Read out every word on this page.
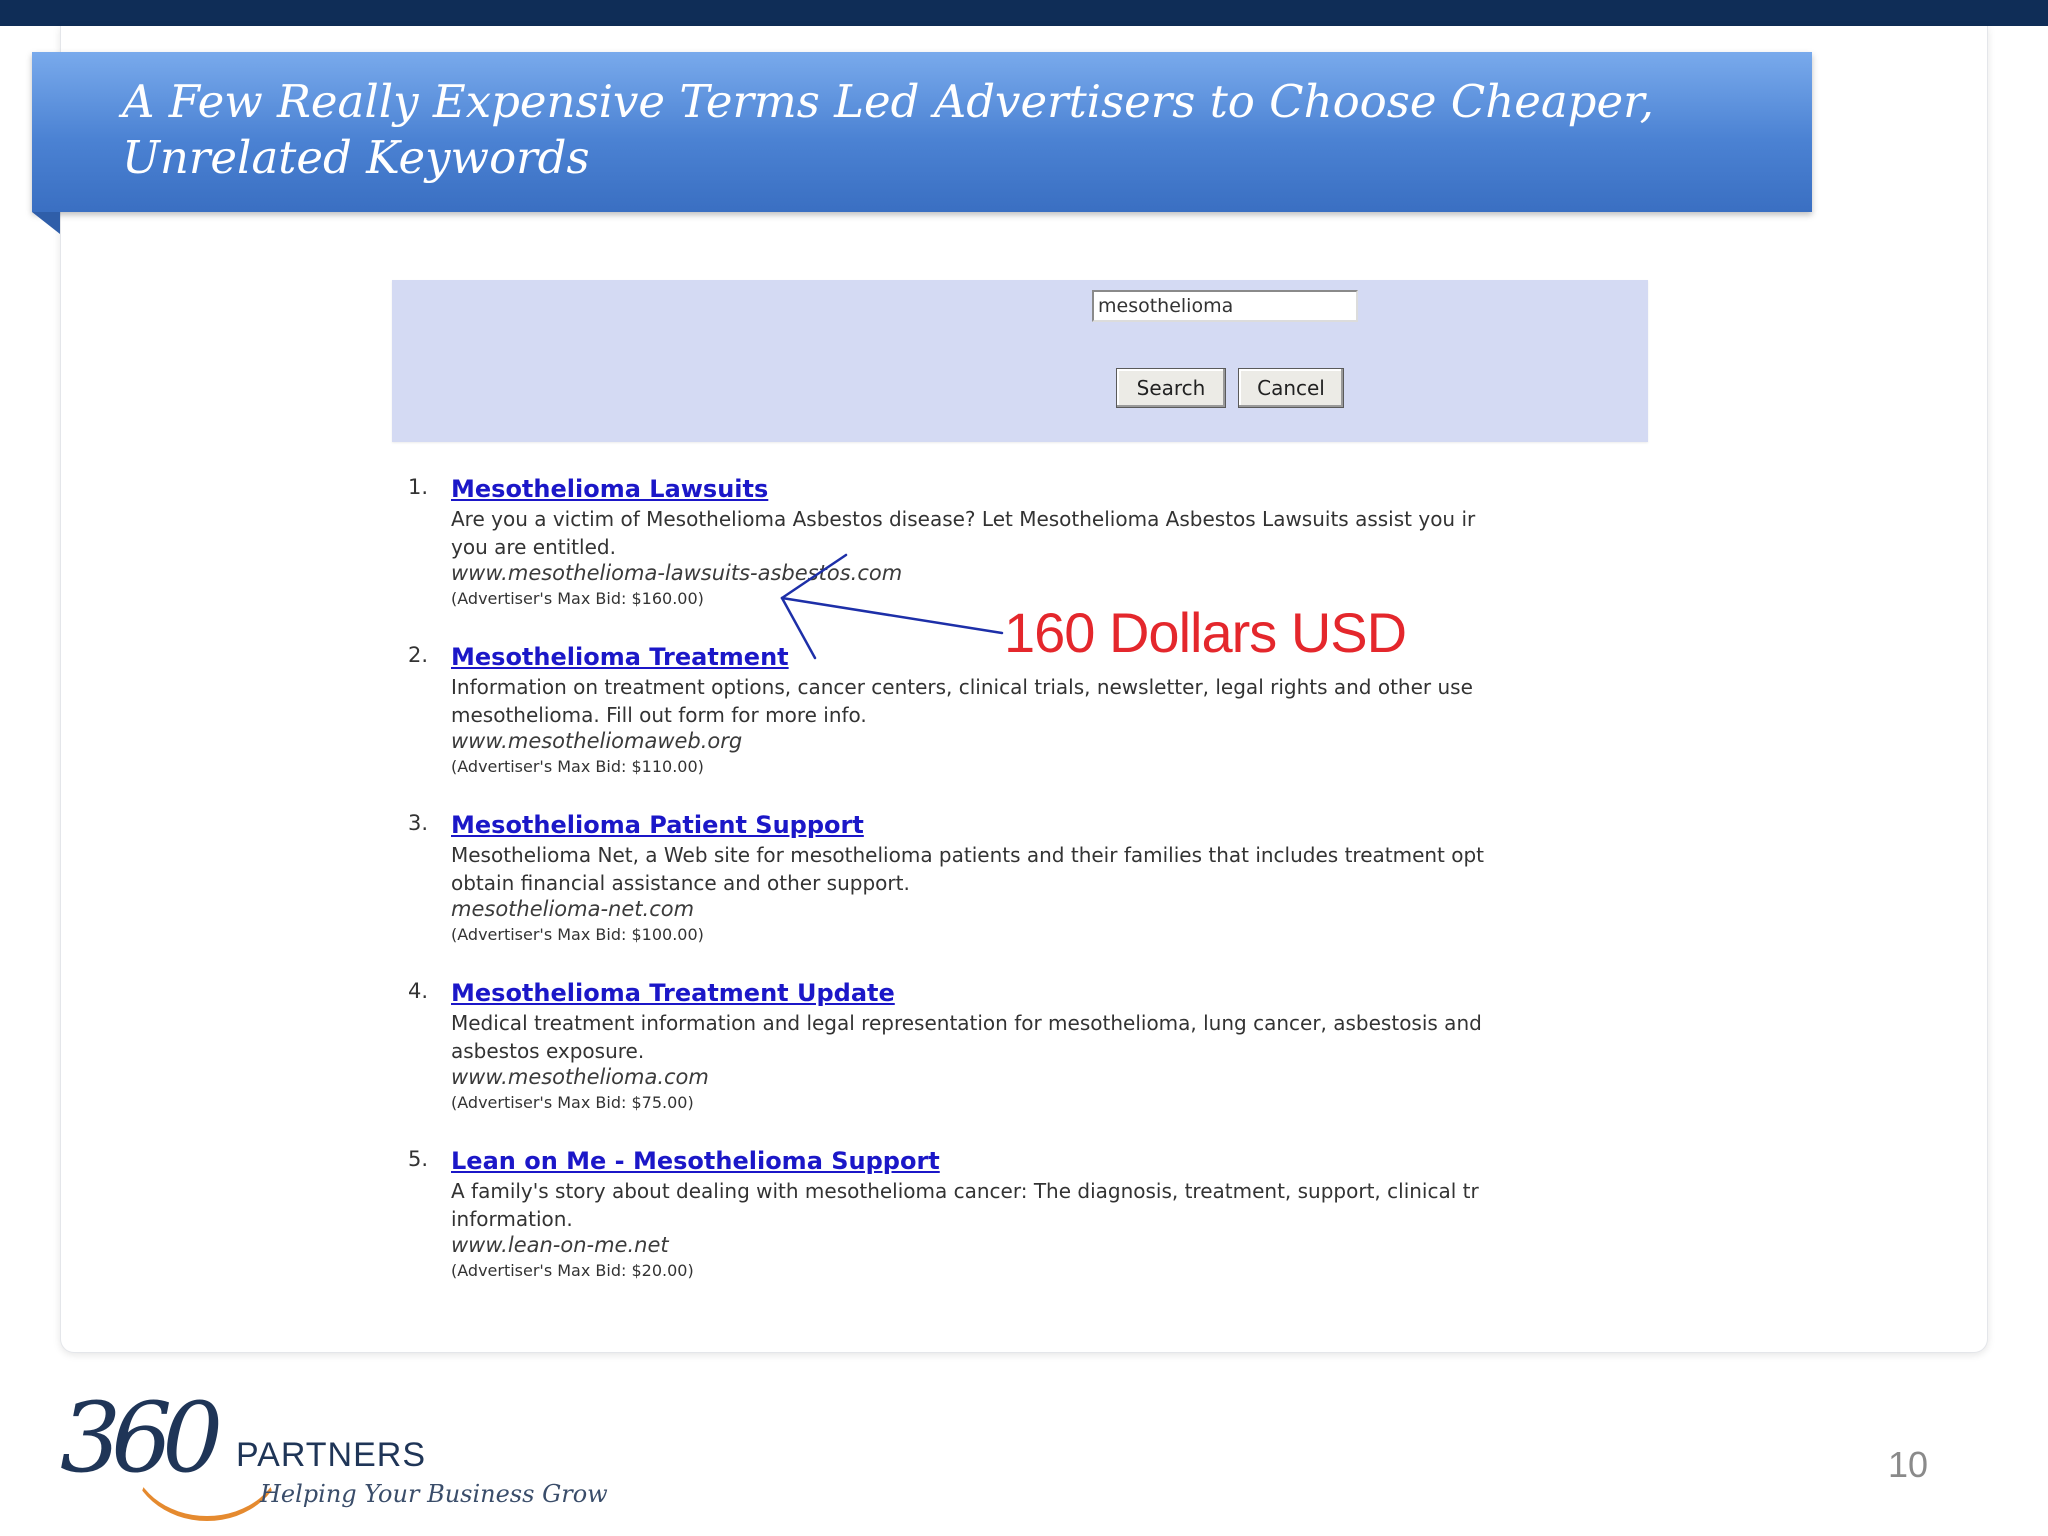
A Few Really Expensive Terms Led Advertisers to Choose Cheaper, Unrelated Keywords
mesothelioma
Search	Cancel
1. Mesothelioma Lawsuits
Are you a victim of Mesothelioma Asbestos disease? Let Mesothelioma Asbestos Lawsuits assist you ir
you are entitled.
www.mesothelioma-lawsuits-asbestos.com
(Advertiser's Max Bid: $160.00)
2. Mesothelioma Treatment
Information on treatment options, cancer centers, clinical trials, newsletter, legal rights and other use
mesothelioma. Fill out form for more info.
www.mesotheliomaweb.org
(Advertiser's Max Bid: $110.00)
3. Mesothelioma Patient Support
Mesothelioma Net, a Web site for mesothelioma patients and their families that includes treatment opt
obtain financial assistance and other support.
mesothelioma-net.com
(Advertiser's Max Bid: $100.00)
4. Mesothelioma Treatment Update
Medical treatment information and legal representation for mesothelioma, lung cancer, asbestosis and
asbestos exposure.
www.mesothelioma.com
(Advertiser's Max Bid: $75.00)
5. Lean on Me - Mesothelioma Support
A family's story about dealing with mesothelioma cancer: The diagnosis, treatment, support, clinical tr
information.
www.lean-on-me.net
(Advertiser's Max Bid: $20.00)
160 Dollars USD
360 PARTNERS
Helping Your Business Grow
10
